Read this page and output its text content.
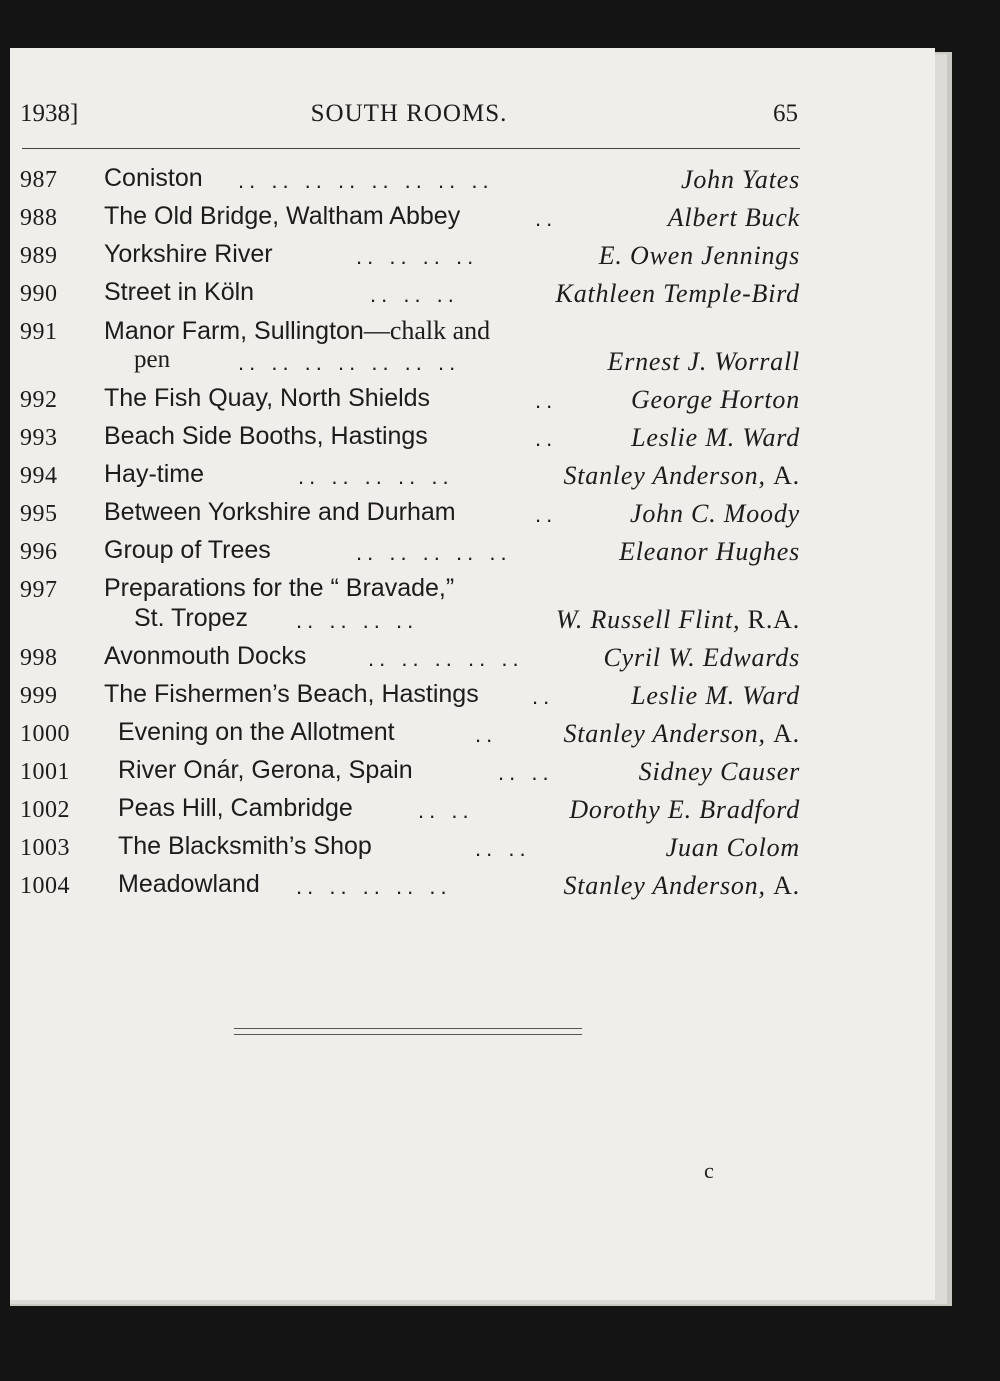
1938]	SOUTH ROOMS.	65
987 Coniston .. .. .. .. .. .. .. ..	John Yates
988 The Old Bridge, Waltham Abbey	..	Albert Buck
989 Yorkshire River	.. .. .. ..	E. Owen Jennings
990 Street in Köln	.. .. ..	Kathleen Temple-Bird
991 Manor Farm, Sullington—chalk and
pen	.. .. .. .. .. .. ..	Ernest J. Worrall
992 The Fish Quay, North Shields	..	George Horton
993 Beach Side Booths, Hastings	..	Leslie M. Ward
994 Hay-time	.. .. .. .. ..	Stanley Anderson, A.
995 Between Yorkshire and Durham	..	John C. Moody
996 Group of Trees	.. .. .. .. ..	Eleanor Hughes
997 Preparations for the “ Bravade,”
St. Tropez .. .. .. ..	W. Russell Flint, R.A.
998 Avonmouth Docks	.. .. .. .. ..	Cyril W. Edwards
999 The Fishermen’s Beach, Hastings ..	Leslie M. Ward
1000 Evening on the Allotment	..	Stanley Anderson, A.
1001 River Onár, Gerona, Spain	.. ..	Sidney Causer
1002 Peas Hill, Cambridge	.. ..	Dorothy E. Bradford
1003 The Blacksmith’s Shop	.. ..	Juan Colom
1004 Meadowland .. .. .. .. ..	Stanley Anderson, A.
c
